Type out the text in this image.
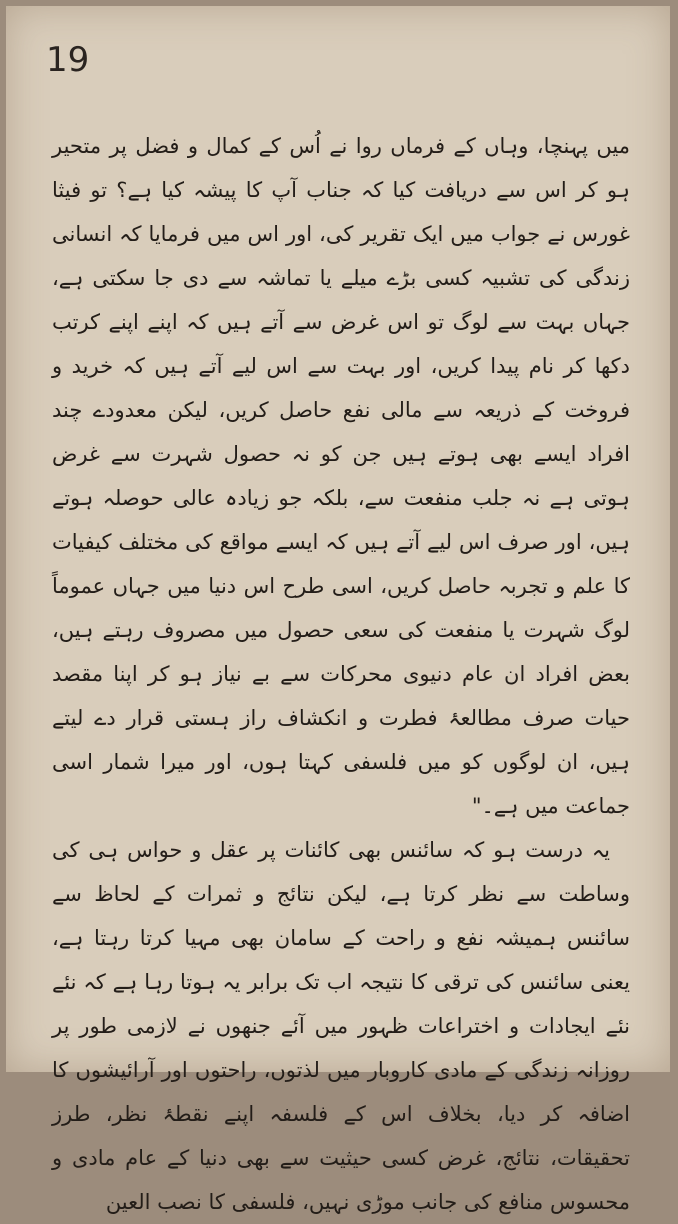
19

میں پہنچا، وہاں کے فرماں روا نے اُس کے کمال و فضل پر متحیر ہو کر اس سے دریافت کیا کہ جناب آپ کا پیشہ کیا ہے؟ تو فیثا غورس نے جواب میں ایک تقریر کی، اور اس میں فرمایا کہ انسانی زندگی کی تشبیہ کسی بڑے میلے یا تماشہ سے دی جا سکتی ہے، جہاں بہت سے لوگ تو اس غرض سے آتے ہیں کہ اپنے اپنے کرتب دکھا کر نام پیدا کریں، اور بہت سے اس لیے آتے ہیں کہ خرید و فروخت کے ذریعہ سے مالی نفع حاصل کریں، لیکن معدودے چند افراد ایسے بھی ہوتے ہیں جن کو نہ حصول شہرت سے غرض ہوتی ہے نہ جلب منفعت سے، بلکہ جو زیادہ عالی حوصلہ ہوتے ہیں، اور صرف اس لیے آتے ہیں کہ ایسے مواقع کی مختلف کیفیات کا علم و تجربہ حاصل کریں، اسی طرح اس دنیا میں جہاں عموماً لوگ شہرت یا منفعت کی سعی حصول میں مصروف رہتے ہیں، بعض افراد ان عام دنیوی محرکات سے بے نیاز ہو کر اپنا مقصد حیات صرف مطالعۂ فطرت و انکشاف راز ہستی قرار دے لیتے ہیں، ان لوگوں کو میں فلسفی کہتا ہوں، اور میرا شمار اسی جماعت میں ہے۔"

یہ درست ہو کہ سائنس بھی کائنات پر عقل و حواس ہی کی وساطت سے نظر کرتا ہے، لیکن نتائج و ثمرات کے لحاظ سے سائنس ہمیشہ نفع و راحت کے سامان بھی مہیا کرتا رہتا ہے، یعنی سائنس کی ترقی کا نتیجہ اب تک برابر یہ ہوتا رہا ہے کہ نئے نئے ایجادات و اختراعات ظہور میں آئے جنھوں نے لازمی طور پر روزانہ زندگی کے مادی کاروبار میں لذتوں، راحتوں اور آرائیشوں کا اضافہ کر دیا، بخلاف اس کے فلسفہ اپنے نقطۂ نظر، طرز تحقیقات، نتائج، غرض کسی حیثیت سے بھی دنیا کے عام مادی و محسوس منافع کی جانب موڑی نہیں، فلسفی کا نصب العین
